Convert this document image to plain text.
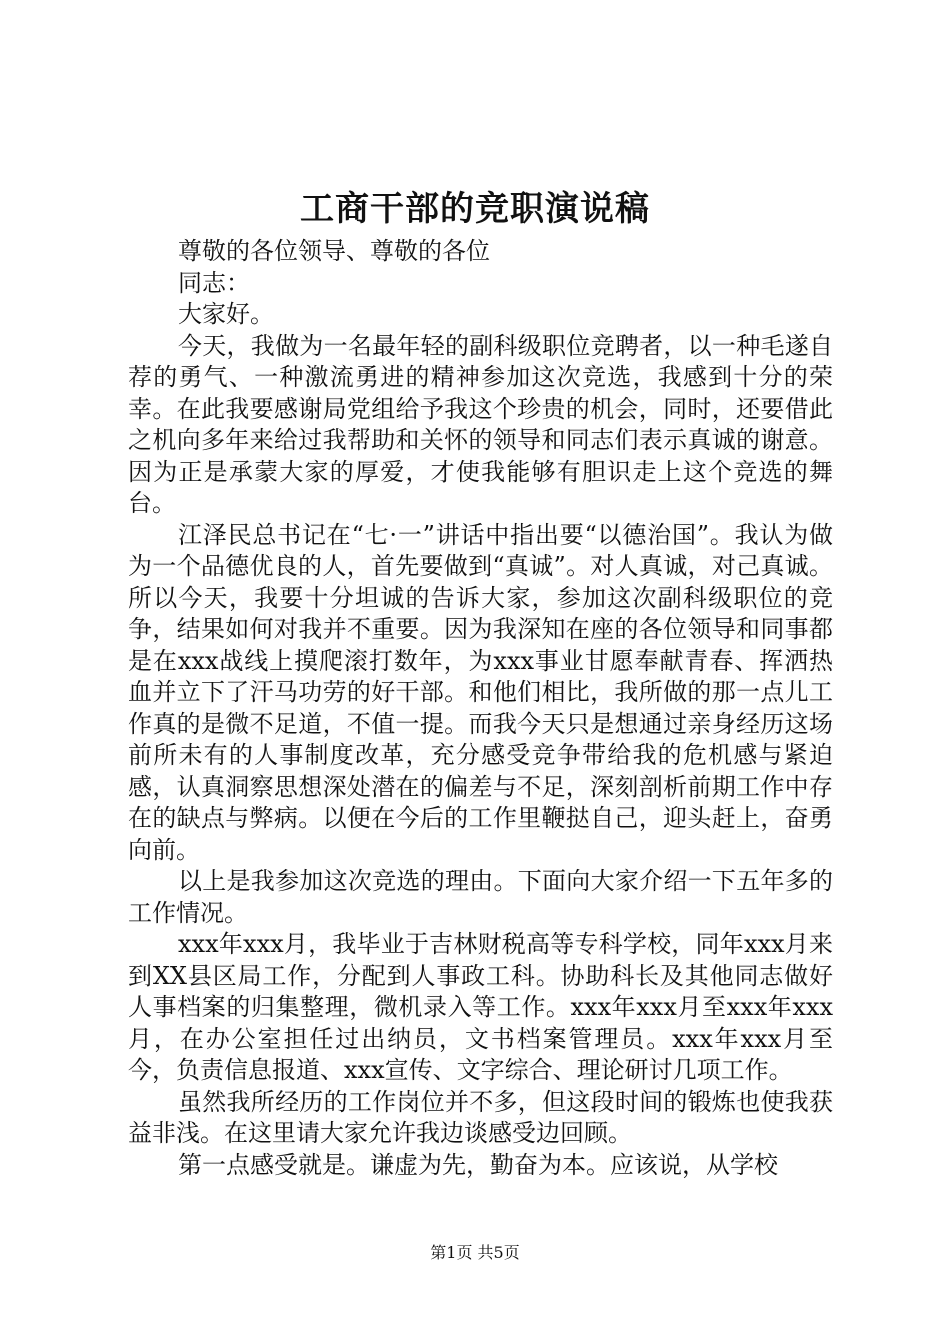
工商干部的竞职演说稿

尊敬的各位领导、尊敬的各位

同志：

大家好。

今天，我做为一名最年轻的副科级职位竞聘者，以一种毛遂自荐的勇气、一种激流勇进的精神参加这次竞选，我感到十分的荣幸。在此我要感谢局党组给予我这个珍贵的机会，同时，还要借此之机向多年来给过我帮助和关怀的领导和同志们表示真诚的谢意。因为正是承蒙大家的厚爱，才使我能够有胆识走上这个竞选的舞台。

江泽民总书记在“七·一”讲话中指出要“以德治国”。我认为做为一个品德优良的人，首先要做到“真诚”。对人真诚，对己真诚。所以今天，我要十分坦诚的告诉大家，参加这次副科级职位的竞争，结果如何对我并不重要。因为我深知在座的各位领导和同事都是在xxx战线上摸爬滚打数年，为xxx事业甘愿奉献青春、挥洒热血并立下了汗马功劳的好干部。和他们相比，我所做的那一点儿工作真的是微不足道，不值一提。而我今天只是想通过亲身经历这场前所未有的人事制度改革，充分感受竞争带给我的危机感与紧迫感，认真洞察思想深处潜在的偏差与不足，深刻剖析前期工作中存在的缺点与弊病。以便在今后的工作里鞭挞自己，迎头赶上，奋勇向前。

以上是我参加这次竞选的理由。下面向大家介绍一下五年多的工作情况。

xxx年xxx月，我毕业于吉林财税高等专科学校，同年xxx月来到XX县区局工作，分配到人事政工科。协助科长及其他同志做好人事档案的归集整理，微机录入等工作。xxx年xxx月至xxx年xxx月，在办公室担任过出纳员，文书档案管理员。xxx年xxx月至今，负责信息报道、xxx宣传、文字综合、理论研讨几项工作。

虽然我所经历的工作岗位并不多，但这段时间的锻炼也使我获益非浅。在这里请大家允许我边谈感受边回顾。

第一点感受就是。谦虚为先，勤奋为本。应该说，从学校

第1页 共5页
